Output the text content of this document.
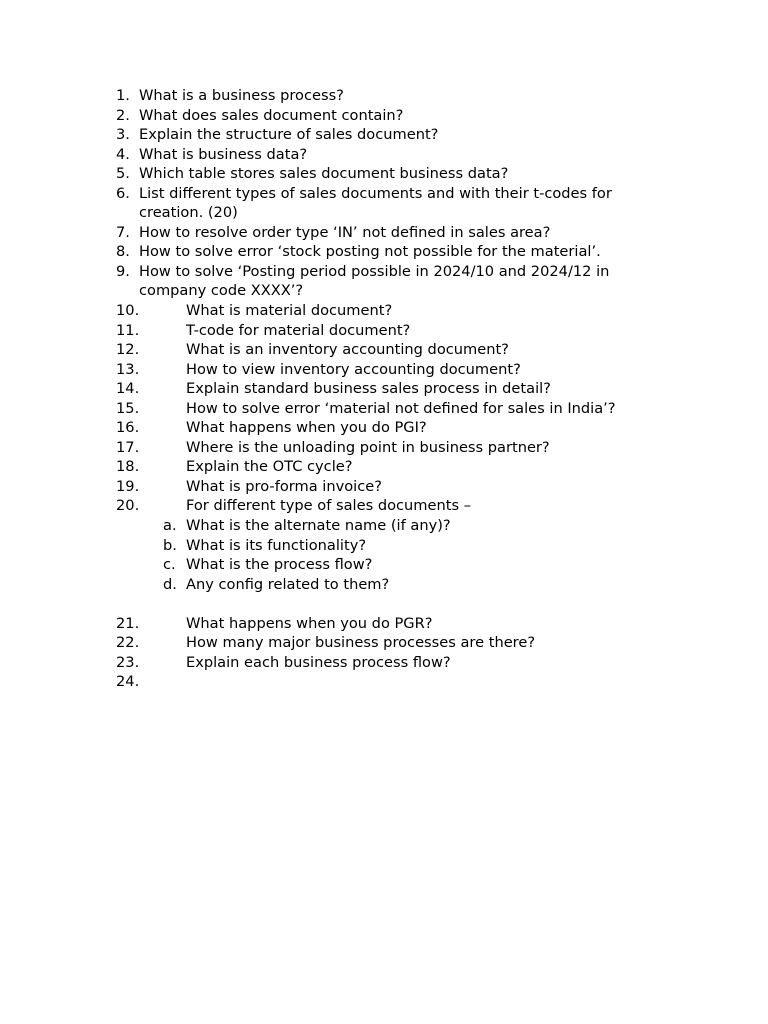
1. What is a business process?
2. What does sales document contain?
3. Explain the structure of sales document?
4. What is business data?
5. Which table stores sales document business data?
6. List different types of sales documents and with their t-codes for
creation. (20)
7. How to resolve order type ‘IN’ not defined in sales area?
8. How to solve error ‘stock posting not possible for the material’.
9. How to solve ‘Posting period possible in 2024/10 and 2024/12 in
company code XXXX’?
10.	What is material document?
11.	T-code for material document?
12.	What is an inventory accounting document?
13.	How to view inventory accounting document?
14.	Explain standard business sales process in detail?
15.	How to solve error ‘material not defined for sales in India’?
16.	What happens when you do PGI?
17.	Where is the unloading point in business partner?
18.	Explain the OTC cycle?
19.	What is pro-forma invoice?
20.	For different type of sales documents –
a. What is the alternate name (if any)?
b. What is its functionality?
c. What is the process flow?
d. Any config related to them?
21.	What happens when you do PGR?
22.	How many major business processes are there?
23.	Explain each business process flow?
24.
